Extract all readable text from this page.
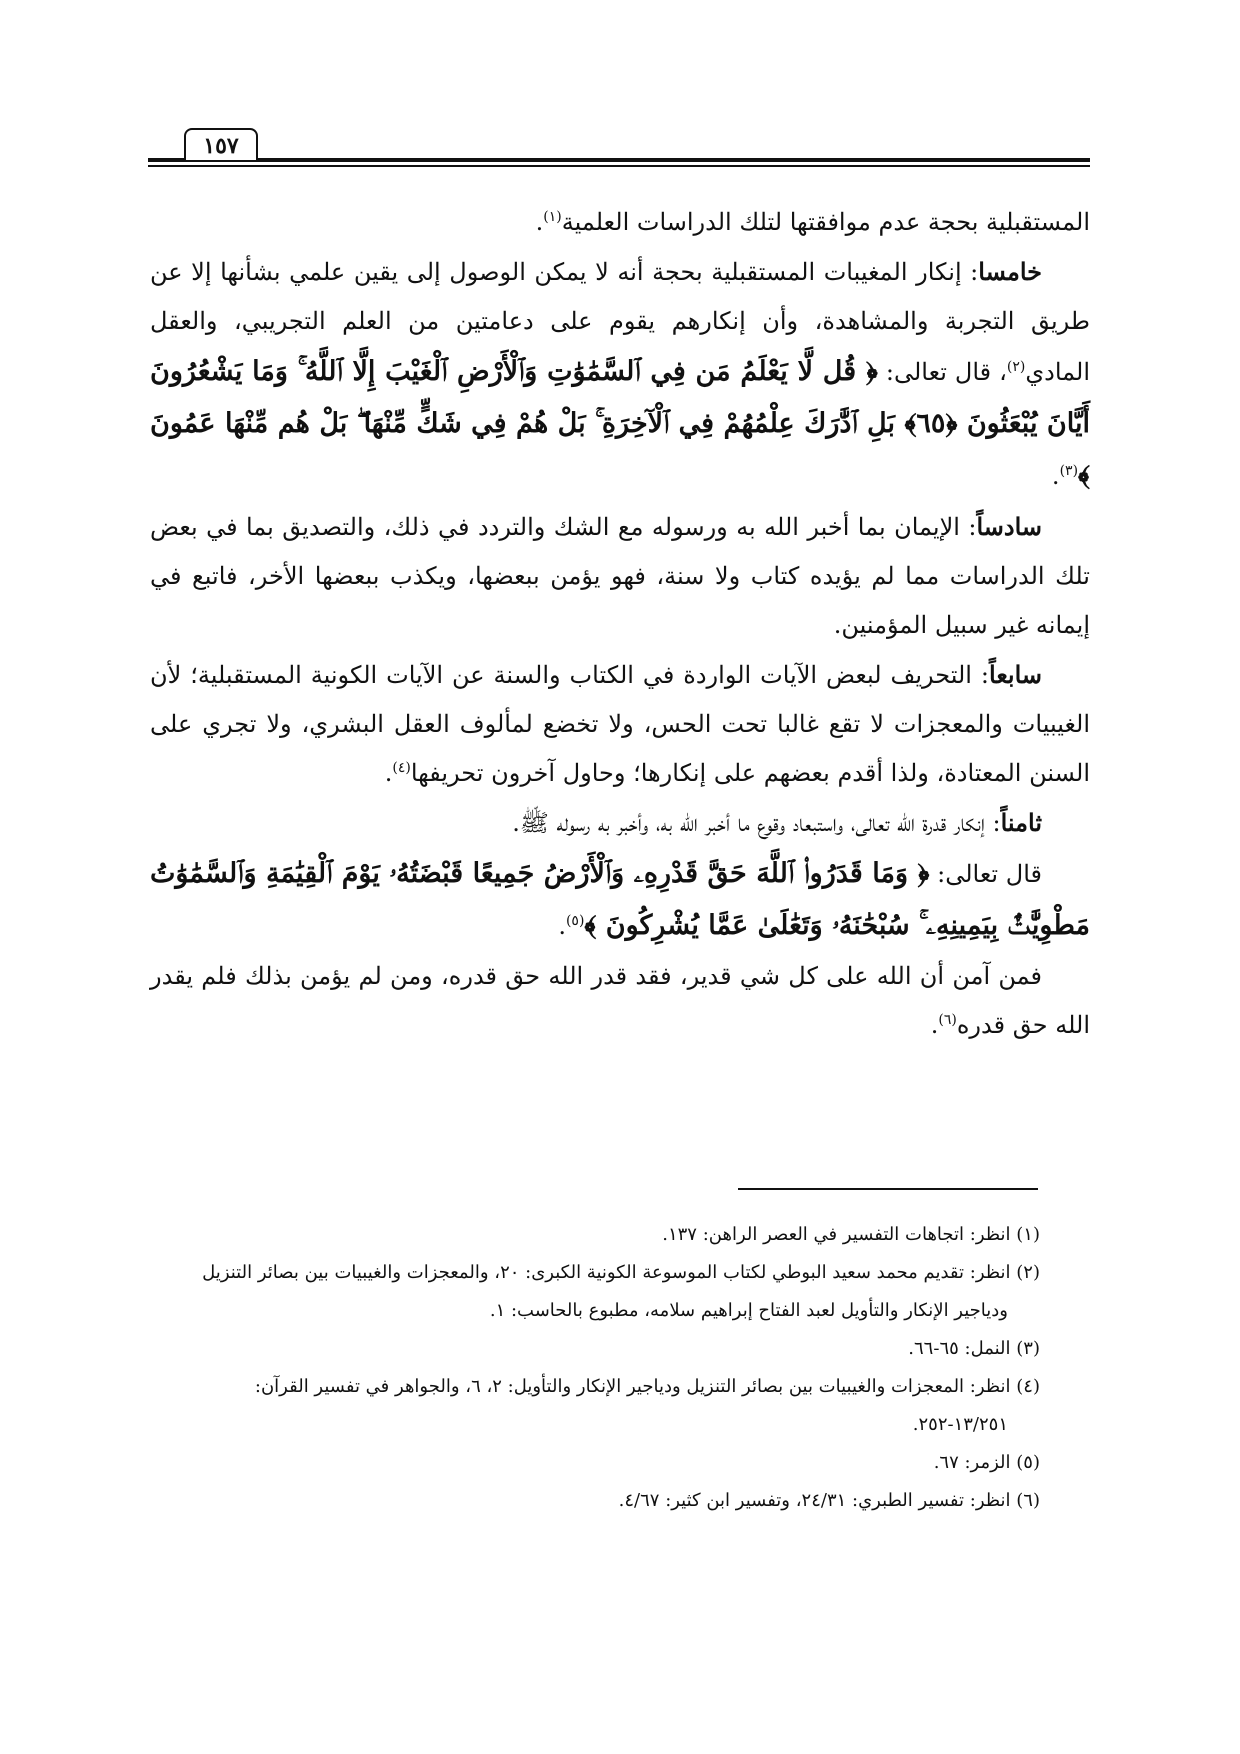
١٥٧

المستقبلية بحجة عدم موافقتها لتلك الدراسات العلمية$^{(١)}$.

خامسا: إنكار المغيبات المستقبلية بحجة أنه لا يمكن الوصول إلى يقين علمي بشأنها إلا عن طريق التجربة والمشاهدة، وأن إنكارهم يقوم على دعامتين من العلم التجريبي، والعقل المادي$^{(٢)}$، قال تعالى: ﴿ قُل لَّا يَعْلَمُ مَن فِي ٱلسَّمَٰوَٰتِ وَٱلْأَرْضِ ٱلْغَيْبَ إِلَّا ٱللَّهُ ۚ وَمَا يَشْعُرُونَ أَيَّانَ يُبْعَثُونَ ﴿٦٥﴾ بَلِ ٱدَّٰرَكَ عِلْمُهُمْ فِي ٱلْآخِرَةِ ۚ بَلْ هُمْ فِي شَكٍّ مِّنْهَا ۖ بَلْ هُم مِّنْهَا عَمُونَ ﴾$^{(٣)}$.

سادساً: الإيمان بما أخبر الله به ورسوله مع الشك والتردد في ذلك، والتصديق بما في بعض تلك الدراسات مما لم يؤيده كتاب ولا سنة، فهو يؤمن ببعضها، ويكذب ببعضها الأخر، فاتبع في إيمانه غير سبيل المؤمنين.

سابعاً: التحريف لبعض الآيات الواردة في الكتاب والسنة عن الآيات الكونية المستقبلية؛ لأن الغيبيات والمعجزات لا تقع غالبا تحت الحس، ولا تخضع لمألوف العقل البشري، ولا تجري على السنن المعتادة، ولذا أقدم بعضهم على إنكارها؛ وحاول آخرون تحريفها$^{(٤)}$.

ثامناً: إنكار قدرة الله تعالى، واستبعاد وقوع ما أخبر الله به، وأخبر به رسوله ﷺ.

قال تعالى: ﴿ وَمَا قَدَرُوا۟ ٱللَّهَ حَقَّ قَدْرِهِۦ وَٱلْأَرْضُ جَمِيعًا قَبْضَتُهُۥ يَوْمَ ٱلْقِيَٰمَةِ وَٱلسَّمَٰوَٰتُ مَطْوِيَّٰتٌۢ بِيَمِينِهِۦ ۚ سُبْحَٰنَهُۥ وَتَعَٰلَىٰ عَمَّا يُشْرِكُونَ ﴾$^{(٥)}$.

فمن آمن أن الله على كل شي قدير، فقد قدر الله حق قدره، ومن لم يؤمن بذلك فلم يقدر الله حق قدره$^{(٦)}$.

(١) انظر: اتجاهات التفسير في العصر الراهن: ١٣٧.

(٢) انظر: تقديم محمد سعيد البوطي لكتاب الموسوعة الكونية الكبرى: ٢٠، والمعجزات والغيبيات بين بصائر التنزيل

ودياجير الإنكار والتأويل لعبد الفتاح إبراهيم سلامه، مطبوع بالحاسب: ١.

(٣) النمل: ٦٥-٦٦.

(٤) انظر: المعجزات والغيبيات بين بصائر التنزيل ودياجير الإنكار والتأويل: ٢، ٦، والجواهر في تفسير القرآن:

١٣/٢٥١-٢٥٢.

(٥) الزمر: ٦٧.

(٦) انظر: تفسير الطبري: ٢٤/٣١، وتفسير ابن كثير: ٤/٦٧.
